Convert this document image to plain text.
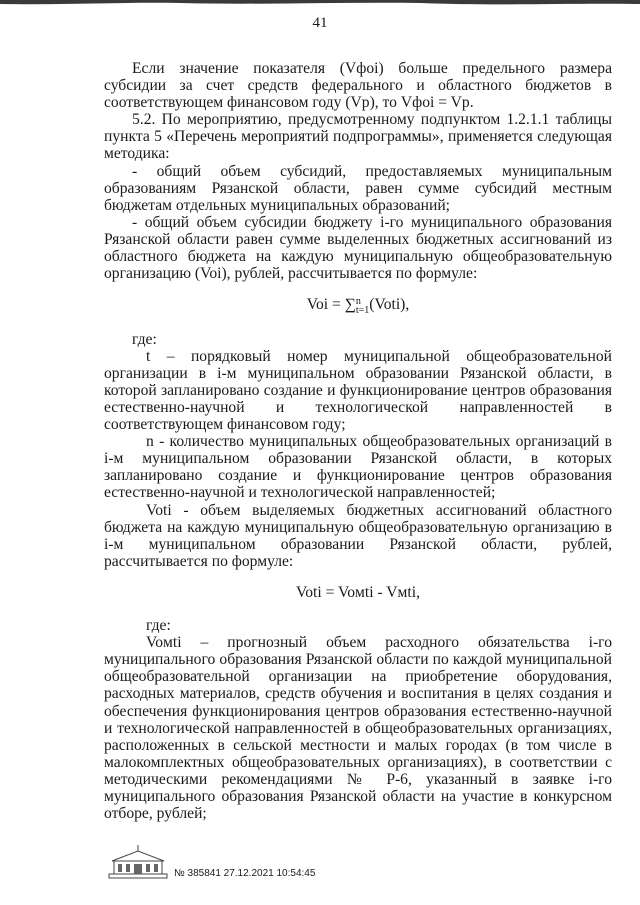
41

Если значение показателя (Vфoi) больше предельного размера субсидии за счет средств федерального и областного бюджетов в соответствующем финансовом году (Vp), то Vфoi = Vp.

5.2. По мероприятию, предусмотренному подпунктом 1.2.1.1 таблицы пункта 5 «Перечень мероприятий подпрограммы», применяется следующая методика:

- общий объем субсидий, предоставляемых муниципальным образованиям Рязанской области, равен сумме субсидий местным бюджетам отдельных муниципальных образований;

- общий объем субсидии бюджету i-го муниципального образования Рязанской области равен сумме выделенных бюджетных ассигнований из областного бюджета на каждую муниципальную общеобразовательную организацию (Voi), рублей, рассчитывается по формуле:

Voi = ∑ n
t=1 (Voti),

где:

t – порядковый номер муниципальной общеобразовательной организации в i-м муниципальном образовании Рязанской области, в которой запланировано создание и функционирование центров образования естественно-научной и технологической направленностей в соответствующем финансовом году;

n - количество муниципальных общеобразовательных организаций в i-м муниципальном образовании Рязанской области, в которых запланировано создание и функционирование центров образования естественно-научной и технологической направленностей;

Voti - объем выделяемых бюджетных ассигнований областного бюджета на каждую муниципальную общеобразовательную организацию в i-м муниципальном образовании Рязанской области, рублей, рассчитывается по формуле:

Voti = Voмti - Vмti,

где:

Voмti – прогнозный объем расходного обязательства i-го муниципального образования Рязанской области по каждой муниципальной общеобразовательной организации на приобретение оборудования, расходных материалов, средств обучения и воспитания в целях создания и обеспечения функционирования центров образования естественно-научной и технологической направленностей в общеобразовательных организациях, расположенных в сельской местности и малых городах (в том числе в малокомплектных общеобразовательных организациях), в соответствии с методическими рекомендациями № Р-6, указанный в заявке i-го муниципального образования Рязанской области на участие в конкурсном отборе, рублей;

№ 385841 27.12.2021 10:54:45
